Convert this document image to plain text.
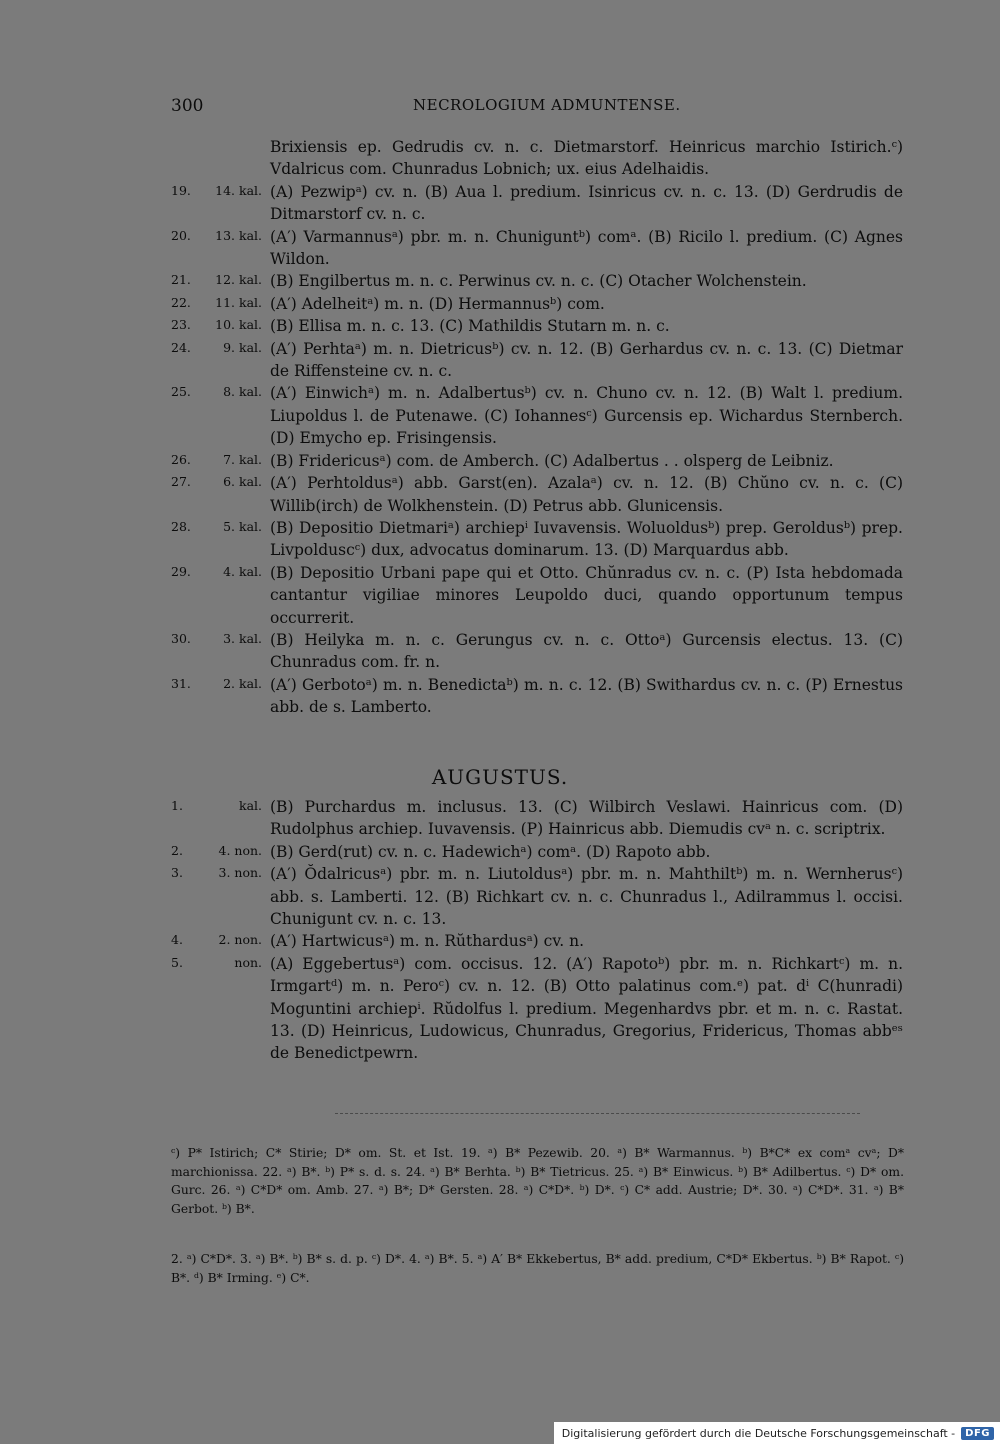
300	NECROLOGIUM ADMUNTENSE.
Brixiensis ep. Gedrudis cv. n. c. Dietmarstorf. Heinricus marchio Istirich.ᶜ) Vdalricus com. Chunradus Lobnich; ux. eius Adelhaidis.
19.	14. kal. (A) Pezwipᵃ) cv. n. (B) Aua l. predium. Isinricus cv. n. c. 13. (D) Gerdrudis de Ditmarstorf cv. n. c.
20.	13. kal. (A′) Varmannusᵃ) pbr. m. n. Chuniguntᵇ) comᵃ. (B) Ricilo l. predium. (C) Agnes Wildon.
21.	12. kal. (B) Engilbertus m. n. c. Perwinus cv. n. c. (C) Otacher Wolchenstein.
22.	11. kal. (A′) Adelheitᵃ) m. n. (D) Hermannusᵇ) com.
23.	10. kal. (B) Ellisa m. n. c. 13. (C) Mathildis Stutarn m. n. c.
24.	9. kal. (A′) Perhtaᵃ) m. n. Dietricusᵇ) cv. n. 12. (B) Gerhardus cv. n. c. 13. (C) Dietmar de Riffensteine cv. n. c.
25.	8. kal. (A′) Einwichᵃ) m. n. Adalbertusᵇ) cv. n. Chuno cv. n. 12. (B) Walt l. predium. Liupoldus l. de Putenawe. (C) Iohannesᶜ) Gurcensis ep. Wichardus Sternberch. (D) Emycho ep. Frisingensis.
26.	7. kal. (B) Fridericusᵃ) com. de Amberch. (C) Adalbertus . . olsperg de Leibniz.
27.	6. kal. (A′) Perhtoldusᵃ) abb. Garst(en). Azalaᵃ) cv. n. 12. (B) Chŭno cv. n. c. (C) Willib(irch) de Wolkhenstein. (D) Petrus abb. Glunicensis.
28.	5. kal. (B) Depositio Dietmariᵃ) archiepⁱ Iuvavensis. Woluoldusᵇ) prep. Geroldusᵇ) prep. Livpolduscᶜ) dux, advocatus dominarum. 13. (D) Marquardus abb.
29.	4. kal. (B) Depositio Urbani pape qui et Otto. Chŭnradus cv. n. c. (P) Ista hebdomada cantantur vigiliae minores Leupoldo duci, quando opportunum tempus occurrerit.
30.	3. kal. (B) Heilyka m. n. c. Gerungus cv. n. c. Ottoᵃ) Gurcensis electus. 13. (C) Chunradus com. fr. n.
31.	2. kal. (A′) Gerbotoᵃ) m. n. Benedictaᵇ) m. n. c. 12. (B) Swithardus cv. n. c. (P) Ernestus abb. de s. Lamberto.
AUGUSTUS.
1.	kal. (B) Purchardus m. inclusus. 13. (C) Wilbirch Veslawi. Hainricus com. (D) Rudolphus archiep. Iuvavensis. (P) Hainricus abb. Diemudis cvᵃ n. c. scriptrix.
2.	4. non. (B) Gerd(rut) cv. n. c. Hadewichᵃ) comᵃ. (D) Rapoto abb.
3.	3. non. (A′) Ŏdalricusᵃ) pbr. m. n. Liutoldusᵃ) pbr. m. n. Mahthiltᵇ) m. n. Wernherusᶜ) abb. s. Lamberti. 12. (B) Richkart cv. n. c. Chunradus l., Adilrammus l. occisi. Chunigunt cv. n. c. 13.
4.	2. non. (A′) Hartwicusᵃ) m. n. Rŭthardusᵃ) cv. n.
5.	non. (A) Eggebertusᵃ) com. occisus. 12. (A′) Rapotoᵇ) pbr. m. n. Richkartᶜ) m. n. Irmgartᵈ) m. n. Peroᶜ) cv. n. 12. (B) Otto palatinus com.ᵉ) pat. dⁱ C(hunradi) Moguntini archiepⁱ. Rŭdolfus l. predium. Megenhardvs pbr. et m. n. c. Rastat. 13. (D) Heinricus, Ludowicus, Chunradus, Gregorius, Fridericus, Thomas abbᵉˢ de Benedictpewrn.
ᶜ) P* Istirich; C* Stirie; D* om. St. et Ist. 19. ᵃ) B* Pezewib. 20. ᵃ) B* Warmannus. ᵇ) B*C* ex comᵃ cvᵃ; D* marchionissa. 22. ᵃ) B*. ᵇ) P* s. d. s. 24. ᵃ) B* Berhta. ᵇ) B* Tietricus. 25. ᵃ) B* Einwicus. ᵇ) B* Adilbertus. ᶜ) D* om. Gurc. 26. ᵃ) C*D* om. Amb. 27. ᵃ) B*; D* Gersten. 28. ᵃ) C*D*. ᵇ) D*. ᶜ) C* add. Austrie; D*. 30. ᵃ) C*D*. 31. ᵃ) B* Gerbot. ᵇ) B*.
2. ᵃ) C*D*. 3. ᵃ) B*. ᵇ) B* s. d. p. ᶜ) D*. 4. ᵃ) B*. 5. ᵃ) A′ B* Ekkebertus, B* add. predium, C*D* Ekbertus. ᵇ) B* Rapot. ᶜ) B*. ᵈ) B* Irming. ᵉ) C*.
Digitalisierung gefördert durch die Deutsche Forschungsgemeinschaft -	DFG
